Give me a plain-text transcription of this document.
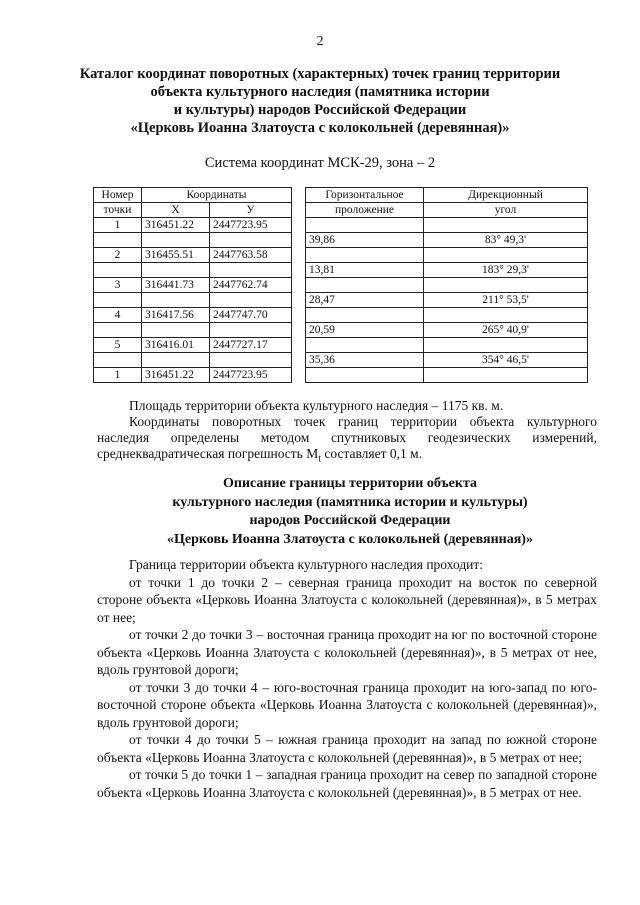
2
Каталог координат поворотных (характерных) точек границ территории
объекта культурного наследия (памятника истории
и культуры) народов Российской Федерации
«Церковь Иоанна Златоуста с колокольней (деревянная)»
Система координат МСК-29, зона – 2
Номер	Координаты			Горизонтальное	Дирекционный
точки	X	У		проложение	угол
1	316451.22	2447723.95			
				39,86	83° 49,3'
2	316455.51	2447763.58			
				13,81	183° 29,3'
3	316441.73	2447762.74			
				28,47	211° 53,5'
4	316417.56	2447747.70			
				20,59	265° 40,9'
5	316416.01	2447727.17			
				35,36	354° 46,5'
1	316451.22	2447723.95			

Площадь территории объекта культурного наследия – 1175 кв. м.

Координаты поворотных точек границ территории объекта культурного

наследия определены методом спутниковых геодезических измерений,

среднеквадратическая погрешность $M_t$ составляет 0,1 м.

Описание границы территории объекта
культурного наследия (памятника истории и культуры)
народов Российской Федерации
«Церковь Иоанна Златоуста с колокольней (деревянная)»

Граница территории объекта культурного наследия проходит:

от точки 1 до точки 2 – северная граница проходит на восток по северной стороне объекта «Церковь Иоанна Златоуста с колокольней (деревянная)», в 5 метрах от нее;

от точки 2 до точки 3 – восточная граница проходит на юг по восточной стороне объекта «Церковь Иоанна Златоуста с колокольней (деревянная)», в 5 метрах от нее, вдоль грунтовой дороги;

от точки 3 до точки 4 – юго-восточная граница проходит на юго-запад по юго-восточной стороне объекта «Церковь Иоанна Златоуста с колокольней (деревянная)», вдоль грунтовой дороги;

от точки 4 до точки 5 – южная граница проходит на запад по южной стороне объекта «Церковь Иоанна Златоуста с колокольней (деревянная)», в 5 метрах от нее;

от точки 5 до точки 1 – западная граница проходит на север по западной стороне объекта «Церковь Иоанна Златоуста с колокольней (деревянная)», в 5 метрах от нее.
